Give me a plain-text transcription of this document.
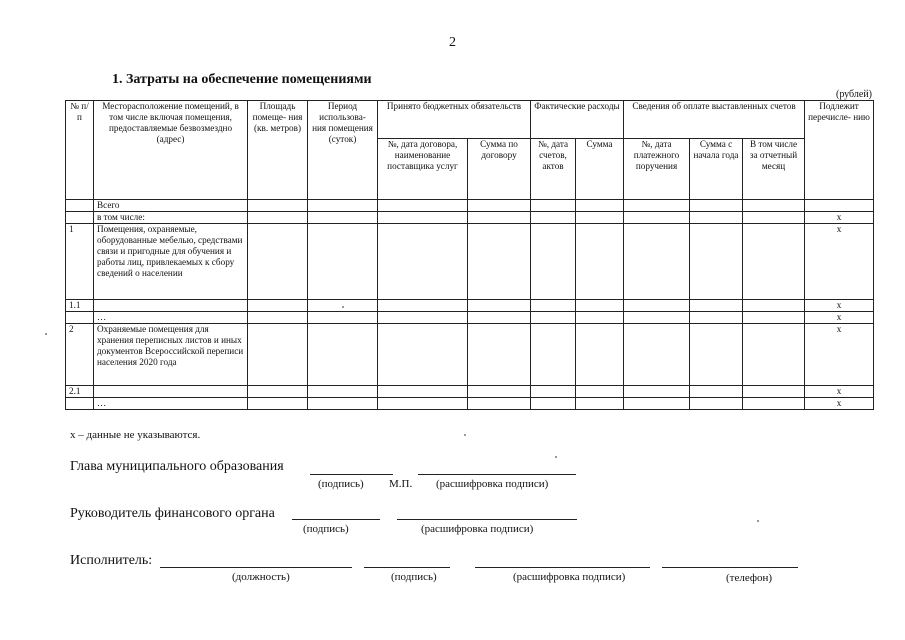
2
1. Затраты на обеспечение помещениями
(рублей)
№ п/п	Месторасположение помещений, в том числе включая помещения, предоставляемые безвозмездно (адрес)	Площадь помеще- ния (кв. метров)	Период использова- ния помещения (суток)	Принято бюджетных обязательств		Фактические расходы		Сведения об оплате выставленных счетов			Подлежит перечисле- нию
				№, дата договора, наименование поставщика услуг	Сумма по договору	№, дата счетов, актов	Сумма	№, дата платежного поручения	Сумма с начала года	В том числе за отчетный месяц	
	Всего										
	в том числе:										x
1	Помещения, охраняемые, оборудованные мебелью, средствами связи и пригодные для обучения и работы лиц, привлекаемых к сбору сведений о населении										x
1.1											x
	…										x
2	Охраняемые помещения для хранения переписных листов и иных документов Всероссийской переписи населения 2020 года										x
2.1											x
	…										x
x – данные не указываются.
Глава муниципального образования
(подпись) М.П. (расшифровка подписи)
Руководитель финансового органа
(подпись)	(расшифровка подписи)
Исполнитель:
(должность)	(подпись)	(расшифровка подписи)	(телефон)
